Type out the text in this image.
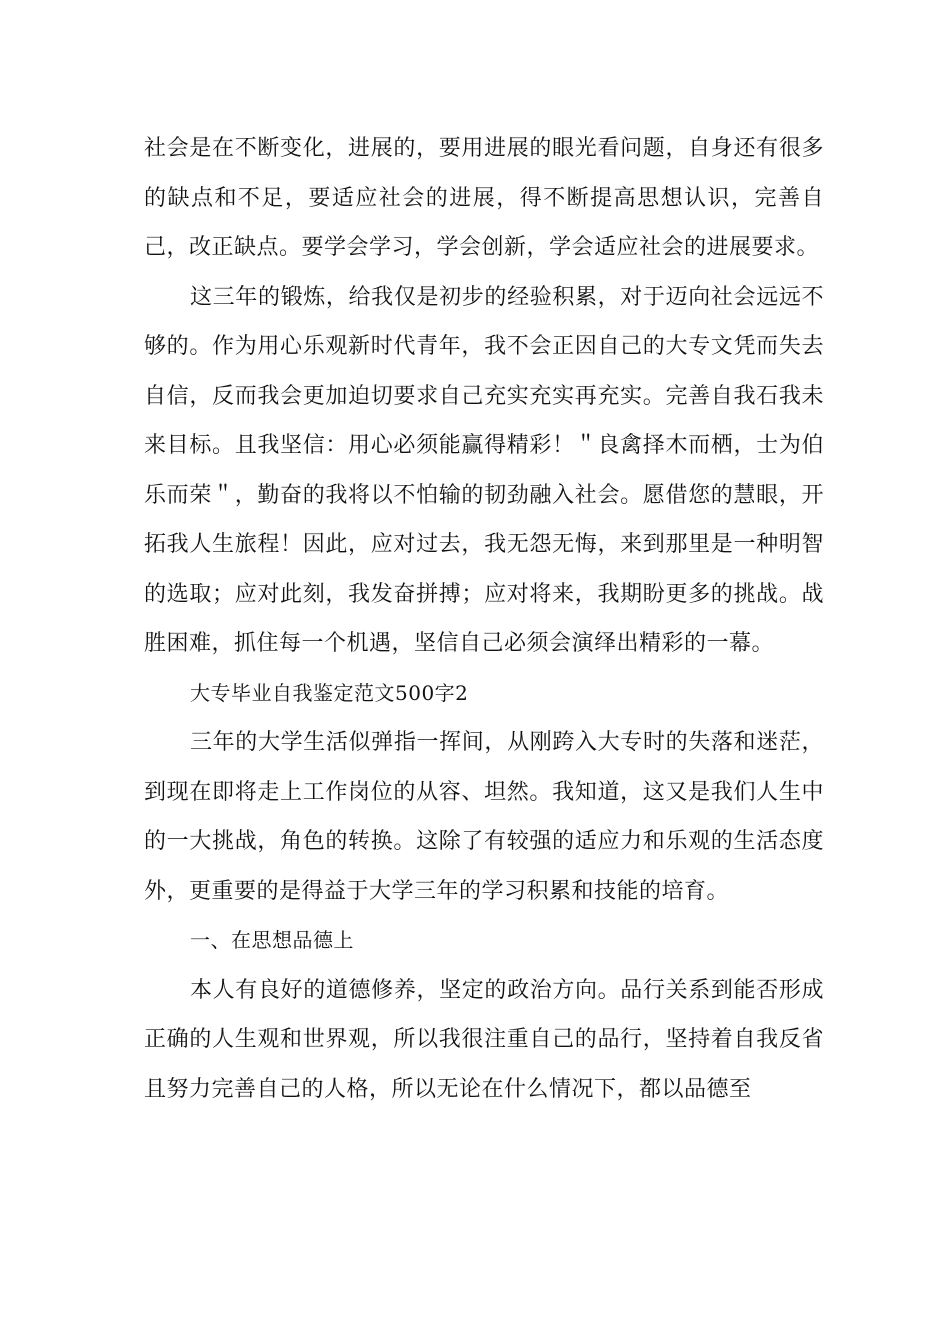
社会是在不断变化，进展的，要用进展的眼光看问题，自身还有很多的缺点和不足，要适应社会的进展，得不断提高思想认识，完善自己，改正缺点。要学会学习，学会创新，学会适应社会的进展要求。

这三年的锻炼，给我仅是初步的经验积累，对于迈向社会远远不够的。作为用心乐观新时代青年，我不会正因自己的大专文凭而失去自信，反而我会更加迫切要求自己充实充实再充实。完善自我石我未来目标。且我坚信：用心必须能赢得精彩！＂良禽择木而栖，士为伯乐而荣＂，勤奋的我将以不怕输的韧劲融入社会。愿借您的慧眼，开拓我人生旅程！因此，应对过去，我无怨无悔，来到那里是一种明智的选取；应对此刻，我发奋拼搏；应对将来，我期盼更多的挑战。战胜困难，抓住每一个机遇，坚信自己必须会演绎出精彩的一幕。

大专毕业自我鉴定范文500字2

三年的大学生活似弹指一挥间，从刚跨入大专时的失落和迷茫，到现在即将走上工作岗位的从容、坦然。我知道，这又是我们人生中的一大挑战，角色的转换。这除了有较强的适应力和乐观的生活态度外，更重要的是得益于大学三年的学习积累和技能的培育。

一、在思想品德上

本人有良好的道德修养，坚定的政治方向。品行关系到能否形成正确的人生观和世界观，所以我很注重自己的品行，坚持着自我反省且努力完善自己的人格，所以无论在什么情况下，都以品德至
